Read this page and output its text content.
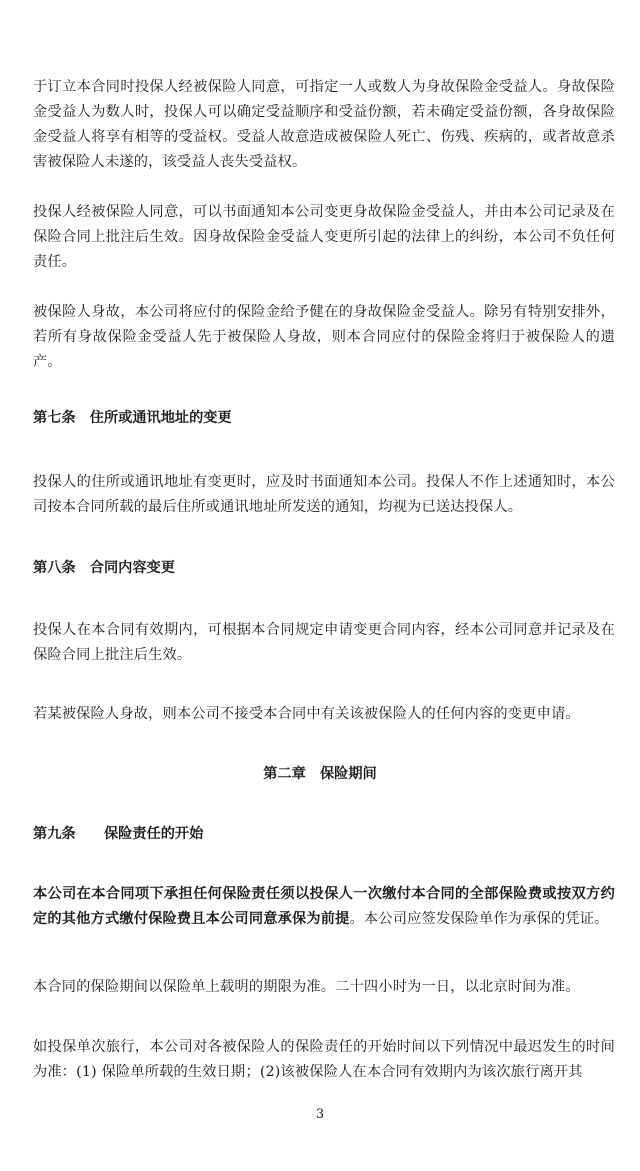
于订立本合同时投保人经被保险人同意，可指定一人或数人为身故保险金受益人。身故保险金受益人为数人时，投保人可以确定受益顺序和受益份额，若未确定受益份额，各身故保险金受益人将享有相等的受益权。受益人故意造成被保险人死亡、伤残、疾病的，或者故意杀害被保险人未遂的，该受益人丧失受益权。

投保人经被保险人同意，可以书面通知本公司变更身故保险金受益人，并由本公司记录及在保险合同上批注后生效。因身故保险金受益人变更所引起的法律上的纠纷，本公司不负任何责任。

被保险人身故，本公司将应付的保险金给予健在的身故保险金受益人。除另有特别安排外，若所有身故保险金受益人先于被保险人身故，则本合同应付的保险金将归于被保险人的遗产。

第七条　住所或通讯地址的变更

投保人的住所或通讯地址有变更时，应及时书面通知本公司。投保人不作上述通知时，本公司按本合同所载的最后住所或通讯地址所发送的通知，均视为已送达投保人。

第八条　合同内容变更

投保人在本合同有效期内，可根据本合同规定申请变更合同内容，经本公司同意并记录及在保险合同上批注后生效。

若某被保险人身故，则本公司不接受本合同中有关该被保险人的任何内容的变更申请。

第二章　保险期间
第九条　　保险责任的开始

本公司在本合同项下承担任何保险责任须以投保人一次缴付本合同的全部保险费或按双方约定的其他方式缴付保险费且本公司同意承保为前提。本公司应签发保险单作为承保的凭证。

本合同的保险期间以保险单上载明的期限为准。二十四小时为一日，以北京时间为准。

如投保单次旅行，本公司对各被保险人的保险责任的开始时间以下列情况中最迟发生的时间为准：(1) 保险单所载的生效日期；(2)该被保险人在本合同有效期内为该次旅行离开其

3
